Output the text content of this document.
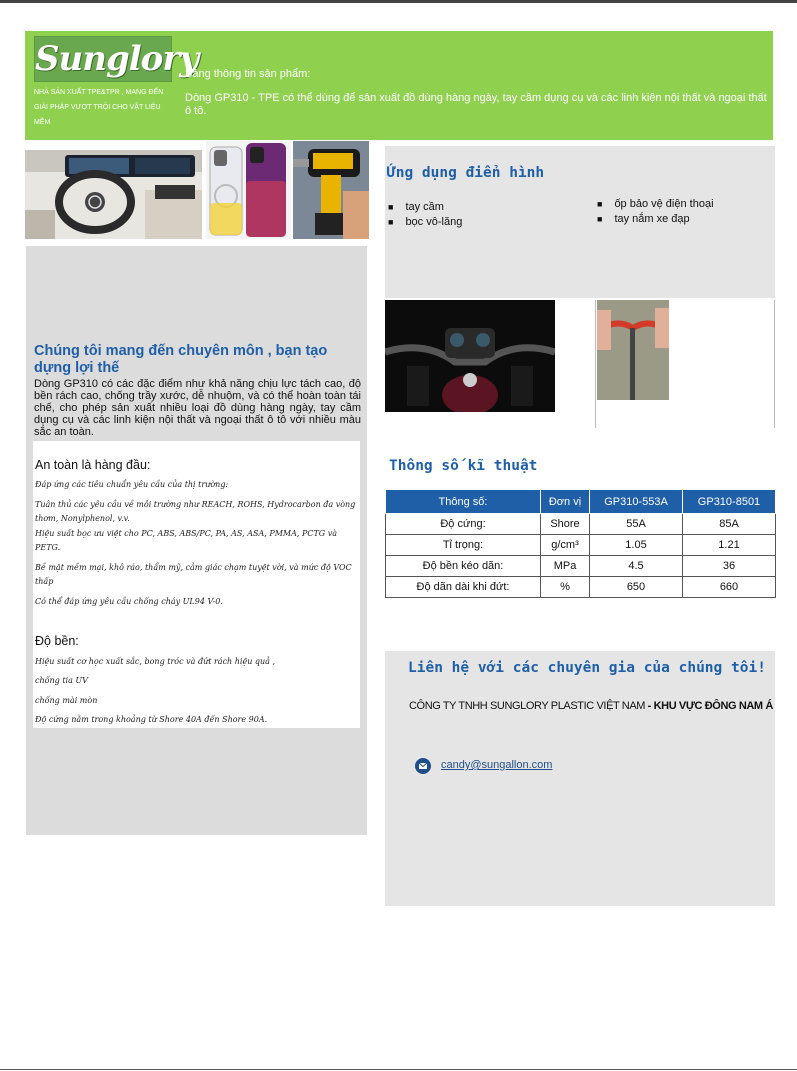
Sunglory
NHÀ SẢN XUẤT TPE&TPR , MANG ĐẾN GIẢI PHÁP VƯỢT TRỘI CHO VẬT LIỆU MỀM
Bảng thông tin sản phẩm:
Dòng GP310 - TPE có thể dùng để sản xuất đồ dùng hàng ngày, tay cầm dụng cụ và các linh kiện nội thất và ngoại thất ô tô.
Chúng tôi mang đến chuyên môn , bạn tạo dựng lợi thế
Dòng GP310 có các đặc điểm như khả năng chịu lực tách cao, độ bền rách cao, chống trầy xước, dễ nhuộm, và có thể hoàn toàn tái chế, cho phép sản xuất nhiều loại đồ dùng hàng ngày, tay cầm dụng cụ và các linh kiện nội thất và ngoại thất ô tô với nhiều màu sắc an toàn.
An toàn là hàng đầu:
Đáp ứng các tiêu chuẩn yêu cầu của thị trường:
Tuân thủ các yêu cầu về môi trường như REACH, ROHS, Hydrocarbon đa vòng thơm, Nonylphenol, v.v.
Hiệu suất bọc ưu việt cho PC, ABS, ABS/PC, PA, AS, ASA, PMMA, PCTG và PETG.
Bề mặt mềm mại, khô ráo, thẩm mỹ, cảm giác chạm tuyệt vời, và mức độ VOC thấp
Có thể đáp ứng yêu cầu chống cháy UL94 V-0.
Độ bền:
Hiệu suất cơ học xuất sắc, bong tróc và đứt rách hiệu quả ,
chống tia UV
chống mài mòn
Độ cứng nằm trong khoảng từ Shore 40A đến Shore 90A.
Ứng dụng điển hình
■ tay cầm
■ bọc vô-lăng
■ ốp bảo vệ điện thoại
■ tay nắm xe đạp
Thông số kĩ thuật
Thông số:	Đơn vị	GP310-553A	GP310-8501
Độ cứng:	Shore	55A	85A
Tỉ trọng:	g/cm³	1.05	1.21
Độ bền kéo dãn:	MPa	4.5	36
Độ dãn dài khi đứt:	%	650	660
Liên hệ với các chuyên gia của chúng tôi!
CÔNG TY TNHH SUNGLORY PLASTIC VIỆT NAM - KHU VỰC ĐÔNG NAM Á
candy@sungallon.com
